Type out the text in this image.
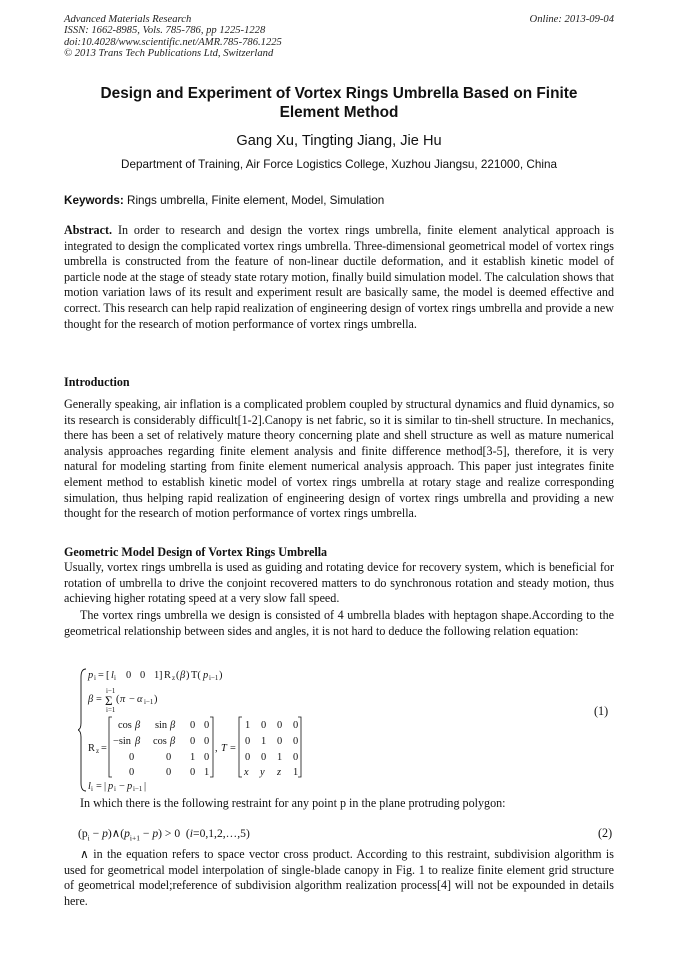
Advanced Materials Research
ISSN: 1662-8985, Vols. 785-786, pp 1225-1228
doi:10.4028/www.scientific.net/AMR.785-786.1225
© 2013 Trans Tech Publications Ltd, Switzerland
Online: 2013-09-04
Design and Experiment of Vortex Rings Umbrella Based on Finite Element Method
Gang Xu, Tingting Jiang, Jie Hu
Department of Training, Air Force Logistics College, Xuzhou Jiangsu, 221000, China
Keywords: Rings umbrella, Finite element, Model, Simulation

Abstract. In order to research and design the vortex rings umbrella, finite element analytical approach is integrated to design the complicated vortex rings umbrella. Three-dimensional geometrical model of vortex rings umbrella is constructed from the feature of non-linear ductile deformation, and it establish kinetic model of particle node at the stage of steady state rotary motion, finally build simulation model. The calculation shows that motion variation laws of its result and experiment result are basically same, the model is deemed effective and correct. This research can help rapid realization of engineering design of vortex rings umbrella and provide a new thought for the research of motion performance of vortex rings umbrella.

Introduction

Generally speaking, air inflation is a complicated problem coupled by structural dynamics and fluid dynamics, so its research is considerably difficult[1-2].Canopy is net fabric, so it is similar to tin-shell structure. In mechanics, there has been a set of relatively mature theory concerning plate and shell structure as well as mature numerical analysis approaches regarding finite element analysis and finite difference method[3-5], therefore, it is very natural for modeling starting from finite element numerical analysis approach. This paper just integrates finite element method to establish kinetic model of vortex rings umbrella at rotary stage and realize corresponding simulation, thus helping rapid realization of engineering design of vortex rings umbrella and providing a new thought for the research of motion performance of vortex rings umbrella.

Geometric Model Design of Vortex Rings Umbrella

Usually, vortex rings umbrella is used as guiding and rotating device for recovery system, which is beneficial for rotation of umbrella to drive the conjoint recovered matters to do synchronous rotation and steady motion, thus achieving higher rotating speed at a very slow fall speed.

The vortex rings umbrella we design is consisted of 4 umbrella blades with heptagon shape.According to the geometrical relationship between sides and angles, it is not hard to deduce the following relation equation:

p i = [ l i 0 0 1 ] R z ( β ) T( p i−1 )
β =
i−1
Σ
i=1
( π − α i−1 )
R z =
cos β sin β 0 0
−sin β cos β 0 0
0	0 1 0
0	0 0 1
, T =
1 0 0 0
0 1 0 0
0 0 1 0
x y z 1
l i = | p i − p i−1 |
(1)

In which there is the following restraint for any point p in the plane protruding polygon:

($p_i$ − $p)\wedge(p_{i+1} - p) > 0$  (i=0,1,2,…,5)	(2)

∧ in the equation refers to space vector cross product. According to this restraint, subdivision algorithm is used for geometrical model interpolation of single-blade canopy in Fig. 1 to realize finite element grid structure of geometrical model;reference of subdivision algorithm realization process[4] will not be expounded in details here.
